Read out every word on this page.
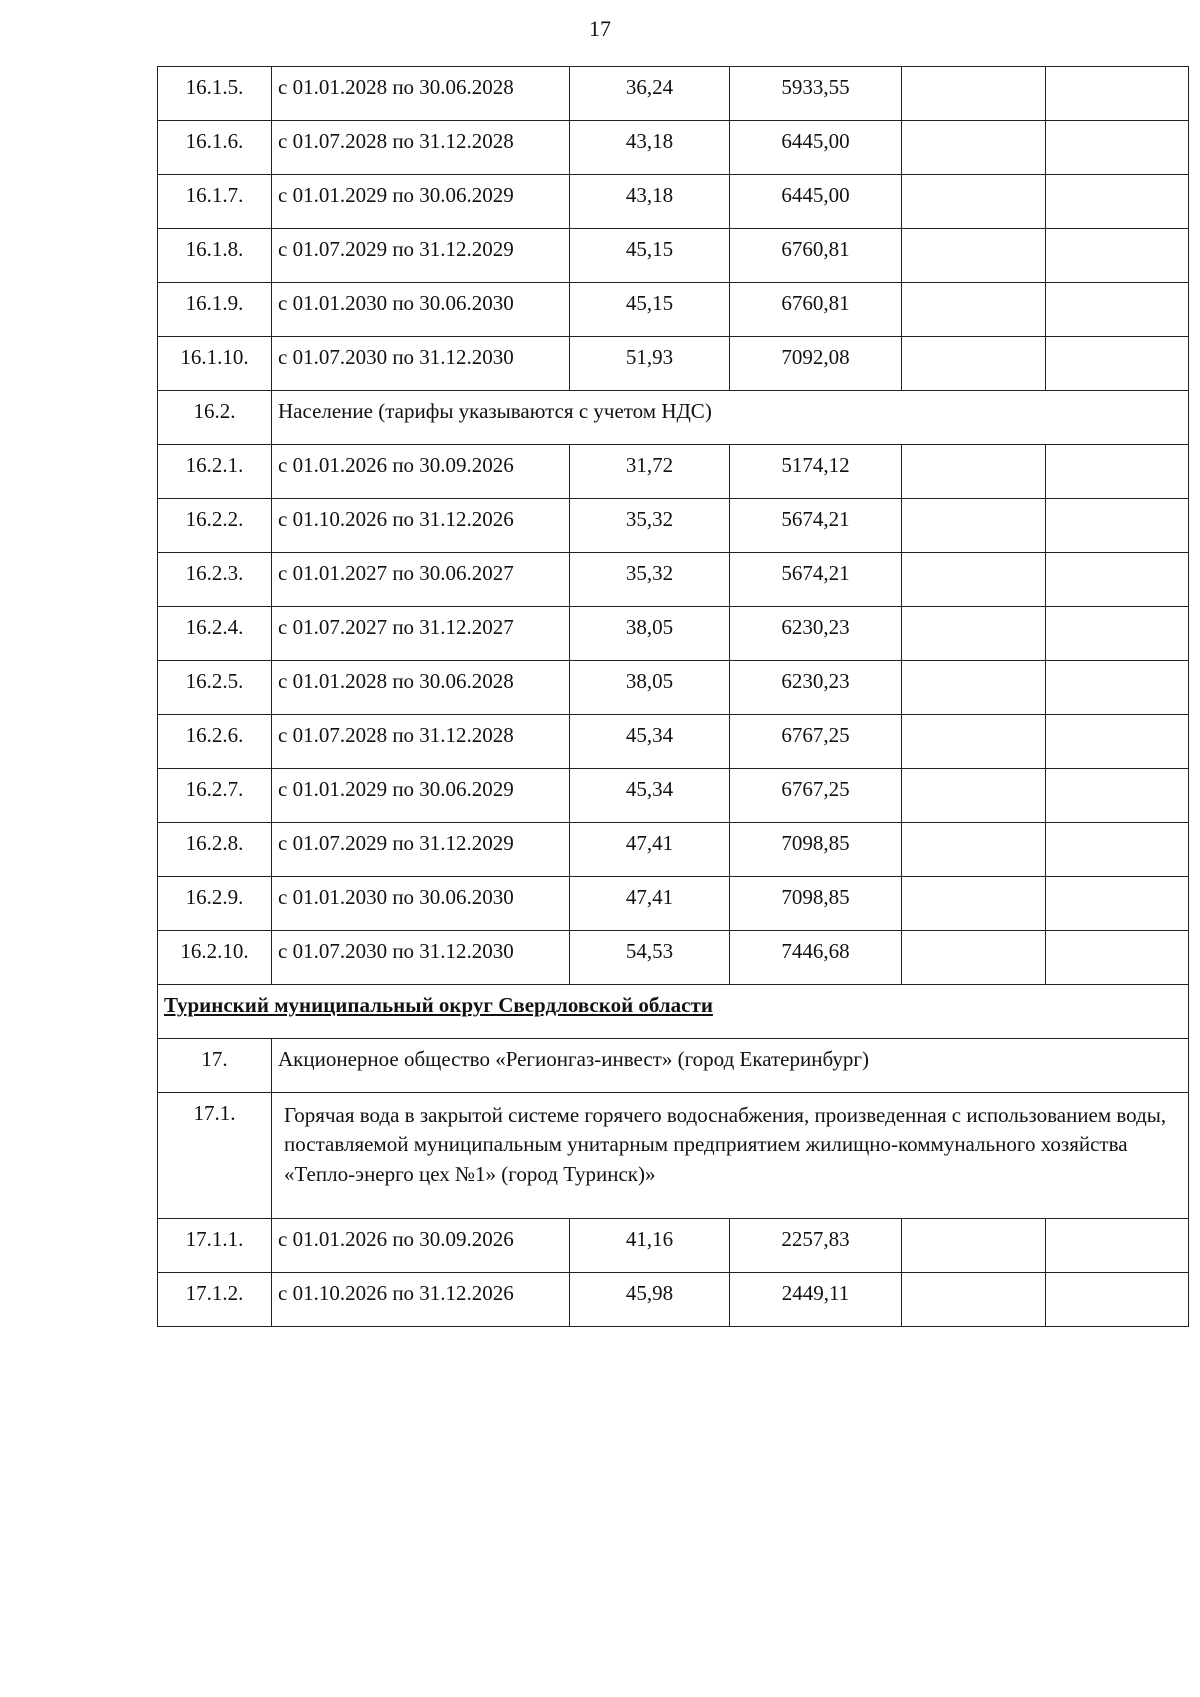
17
16.1.5.	с 01.01.2028 по 30.06.2028	36,24	5933,55		
16.1.6.	с 01.07.2028 по 31.12.2028	43,18	6445,00		
16.1.7.	с 01.01.2029 по 30.06.2029	43,18	6445,00		
16.1.8.	с 01.07.2029 по 31.12.2029	45,15	6760,81		
16.1.9.	с 01.01.2030 по 30.06.2030	45,15	6760,81		
16.1.10.	с 01.07.2030 по 31.12.2030	51,93	7092,08		
16.2.	Население (тарифы указываются с учетом НДС)				
16.2.1.	с 01.01.2026 по 30.09.2026	31,72	5174,12		
16.2.2.	с 01.10.2026 по 31.12.2026	35,32	5674,21		
16.2.3.	с 01.01.2027 по 30.06.2027	35,32	5674,21		
16.2.4.	с 01.07.2027 по 31.12.2027	38,05	6230,23		
16.2.5.	с 01.01.2028 по 30.06.2028	38,05	6230,23		
16.2.6.	с 01.07.2028 по 31.12.2028	45,34	6767,25		
16.2.7.	с 01.01.2029 по 30.06.2029	45,34	6767,25		
16.2.8.	с 01.07.2029 по 31.12.2029	47,41	7098,85		
16.2.9.	с 01.01.2030 по 30.06.2030	47,41	7098,85		
16.2.10.	с 01.07.2030 по 31.12.2030	54,53	7446,68		
Туринский муниципальный округ Свердловской области					
17.	Акционерное общество «Регионгаз-инвест» (город Екатеринбург)				
17.1.	Горячая вода в закрытой системе горячего водоснабжения, произведенная с использованием воды, поставляемой муниципальным унитарным предприятием жилищно-коммунального хозяйства «Тепло-энерго цех №1» (город Туринск)»				
17.1.1.	с 01.01.2026 по 30.09.2026	41,16	2257,83		
17.1.2.	с 01.10.2026 по 31.12.2026	45,98	2449,11		
